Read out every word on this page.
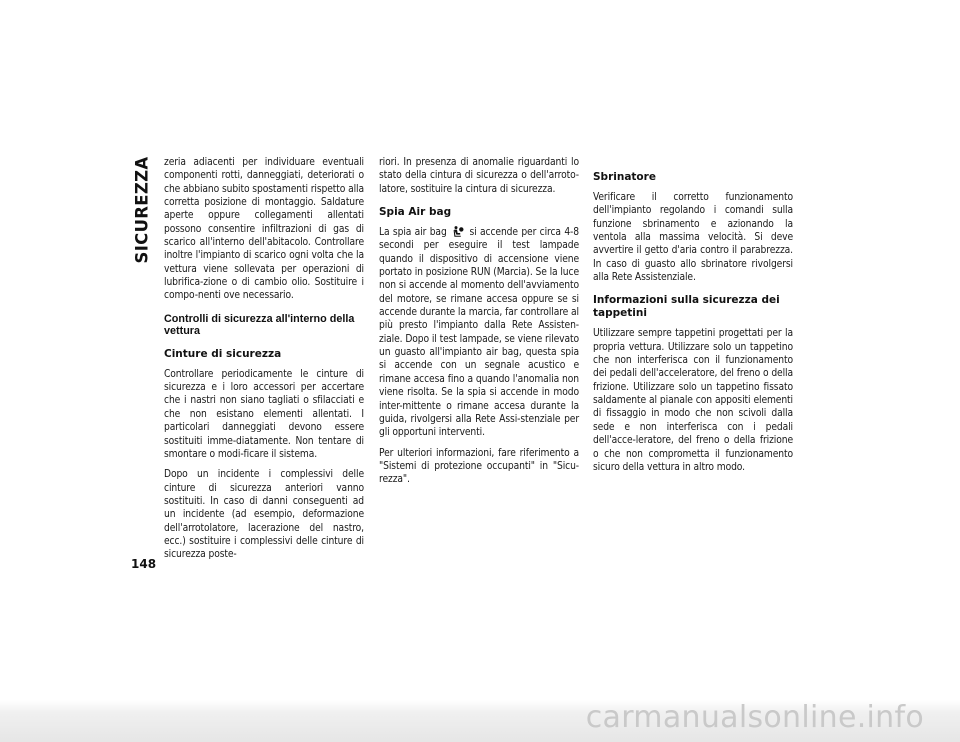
SICUREZZA zeria adiacenti per individuare eventuali componenti rotti, danneggiati, deteriorati o che abbiano subito spostamenti rispetto alla corretta posizione di montaggio. Saldature aperte oppure collegamenti allentati possono consentire infiltrazioni di gas di scarico all'interno dell'abitacolo. Controllare inoltre l'impianto di scarico ogni volta che la vettura viene sollevata per operazioni di lubrifica-zione o di cambio olio. Sostituire i compo-nenti ove necessario.

Controlli di sicurezza all'interno della vettura
Cinture di sicurezza

Controllare periodicamente le cinture di sicurezza e i loro accessori per accertare che i nastri non siano tagliati o sfilacciati e che non esistano elementi allentati. I particolari danneggiati devono essere sostituiti imme-diatamente. Non tentare di smontare o modi-ficare il sistema.

Dopo un incidente i complessivi delle cinture di sicurezza anteriori vanno sostituiti. In caso di danni conseguenti ad un incidente (ad esempio, deformazione dell'arrotolatore, lacerazione del nastro, ecc.) sostituire i complessivi delle cinture di sicurezza poste-

riori. In presenza di anomalie riguardanti lo stato della cintura di sicurezza o dell'arroto-latore, sostituire la cintura di sicurezza.

Spia Air bag

La spia air bag si accende per circa 4-8 secondi per eseguire il test lampade quando il dispositivo di accensione viene portato in posizione RUN (Marcia). Se la luce non si accende al momento dell'avviamento del motore, se rimane accesa oppure se si accende durante la marcia, far controllare al più presto l'impianto dalla Rete Assisten-ziale. Dopo il test lampade, se viene rilevato un guasto all'impianto air bag, questa spia si accende con un segnale acustico e rimane accesa fino a quando l'anomalia non viene risolta. Se la spia si accende in modo inter-mittente o rimane accesa durante la guida, rivolgersi alla Rete Assi-stenziale per gli opportuni interventi.

Per ulteriori informazioni, fare riferimento a "Sistemi di protezione occupanti" in "Sicu-rezza".

Sbrinatore

Verificare il corretto funzionamento dell'impianto regolando i comandi sulla funzione sbrinamento e azionando la ventola alla massima velocità. Si deve avvertire il getto d'aria contro il parabrezza. In caso di guasto allo sbrinatore rivolgersi alla Rete Assistenziale.

Informazioni sulla sicurezza dei tappetini

Utilizzare sempre tappetini progettati per la propria vettura. Utilizzare solo un tappetino che non interferisca con il funzionamento dei pedali dell'acceleratore, del freno o della frizione. Utilizzare solo un tappetino fissato saldamente al pianale con appositi elementi di fissaggio in modo che non scivoli dalla sede e non interferisca con i pedali dell'acce-leratore, del freno o della frizione o che non comprometta il funzionamento sicuro della vettura in altro modo.

148
carmanualsonline.info
